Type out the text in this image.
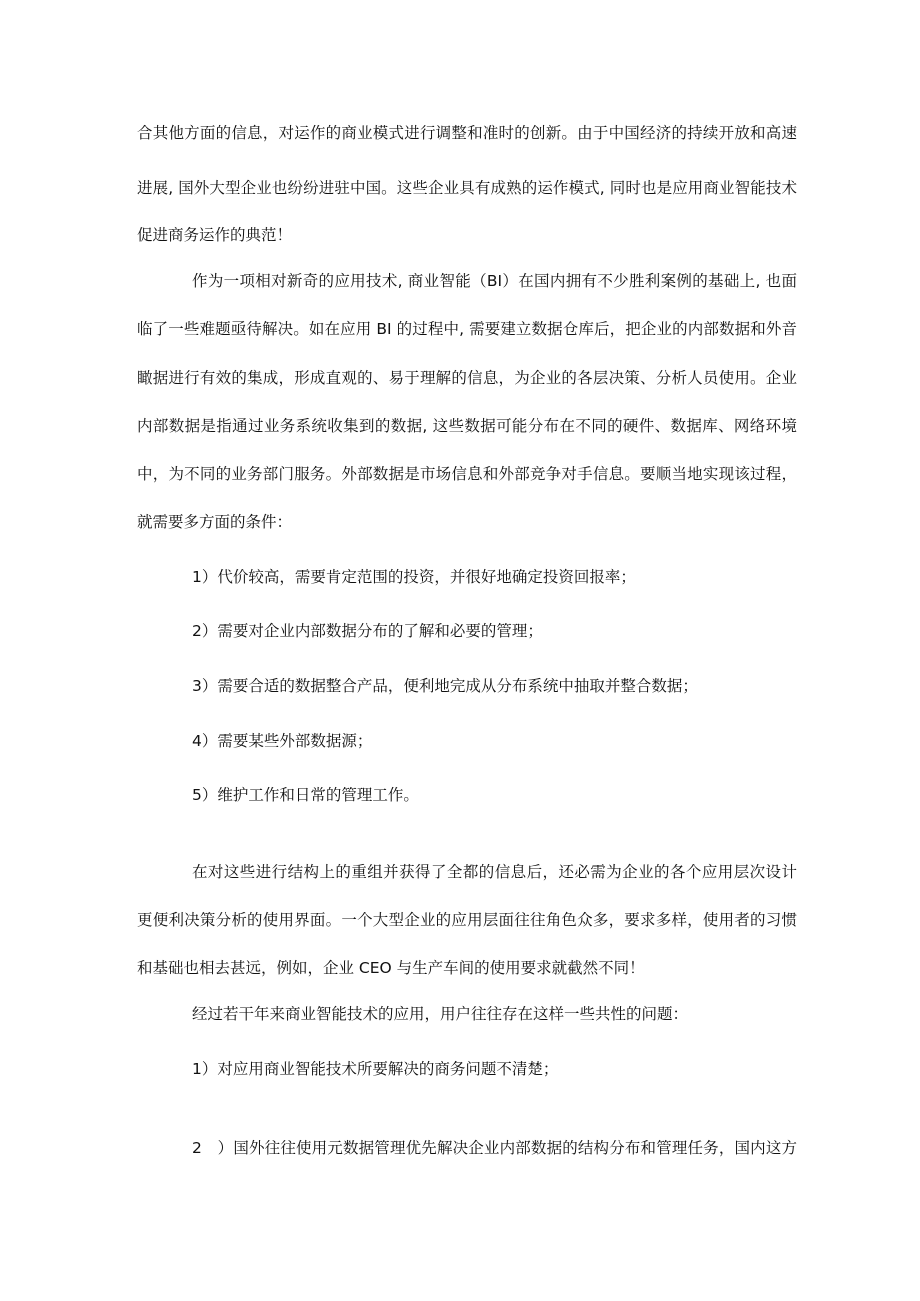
合其他方面的信息，对运作的商业模式进行调整和准时的创新。由于中国经济的持续开放和高速
进展, 国外大型企业也纷纷进驻中国。这些企业具有成熟的运作模式, 同时也是应用商业智能技术
促进商务运作的典范！
作为一项相对新奇的应用技术, 商业智能（BI）在国内拥有不少胜利案例的基础上, 也面
临了一些难题亟待解决。如在应用 BI 的过程中, 需要建立数据仓库后，把企业的内部数据和外音
瞰据进行有效的集成，形成直观的、易于理解的信息，为企业的各层决策、分析人员使用。企业
内部数据是指通过业务系统收集到的数据, 这些数据可能分布在不同的硬件、数据库、网络环境
中，为不同的业务部门服务。外部数据是市场信息和外部竞争对手信息。要顺当地实现该过程，
就需要多方面的条件：
1）代价较高，需要肯定范围的投资，并很好地确定投资回报率；
2）需要对企业内部数据分布的了解和必要的管理；
3）需要合适的数据整合产品，便利地完成从分布系统中抽取并整合数据；
4）需要某些外部数据源；
5）维护工作和日常的管理工作。
在对这些进行结构上的重组并获得了全都的信息后，还必需为企业的各个应用层次设计
更便利决策分析的使用界面。一个大型企业的应用层面往往角色众多，要求多样，使用者的习惯
和基础也相去甚远，例如，企业 CEO 与生产车间的使用要求就截然不同！
经过若干年来商业智能技术的应用，用户往往存在这样一些共性的问题：
1）对应用商业智能技术所要解决的商务问题不清楚；
2　）国外往往使用元数据管理优先解决企业内部数据的结构分布和管理任务，国内这方
